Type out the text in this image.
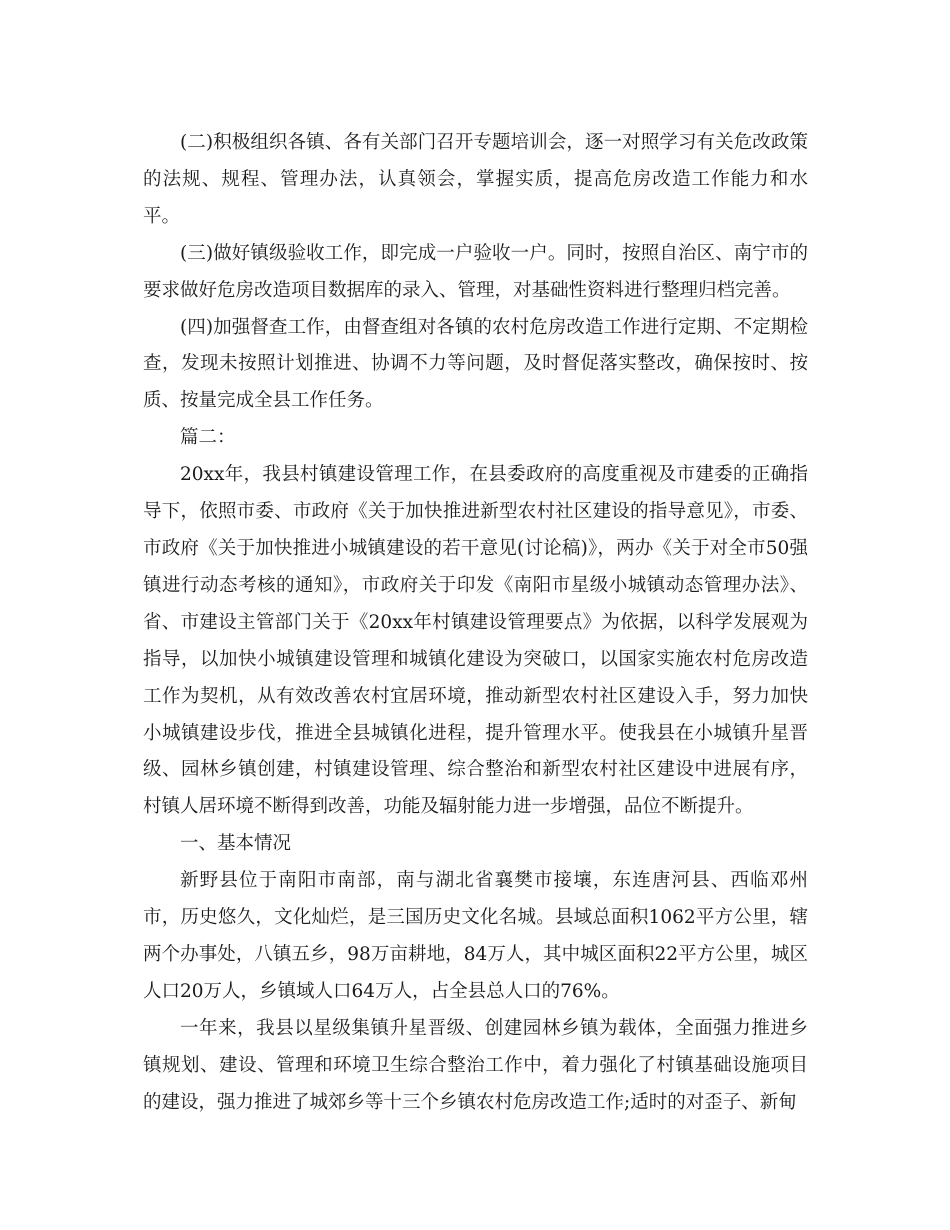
(二)积极组织各镇、各有关部门召开专题培训会，逐一对照学习有关危改政策的法规、规程、管理办法，认真领会，掌握实质，提高危房改造工作能力和水平。

(三)做好镇级验收工作，即完成一户验收一户。同时，按照自治区、南宁市的要求做好危房改造项目数据库的录入、管理，对基础性资料进行整理归档完善。

(四)加强督查工作，由督查组对各镇的农村危房改造工作进行定期、不定期检查，发现未按照计划推进、协调不力等问题，及时督促落实整改，确保按时、按质、按量完成全县工作任务。

篇二：

20xx年，我县村镇建设管理工作，在县委政府的高度重视及市建委的正确指导下，依照市委、市政府《关于加快推进新型农村社区建设的指导意见》，市委、市政府《关于加快推进小城镇建设的若干意见(讨论稿)》，两办《关于对全市50强镇进行动态考核的通知》，市政府关于印发《南阳市星级小城镇动态管理办法》、省、市建设主管部门关于《20xx年村镇建设管理要点》为依据，以科学发展观为指导，以加快小城镇建设管理和城镇化建设为突破口，以国家实施农村危房改造工作为契机，从有效改善农村宜居环境，推动新型农村社区建设入手，努力加快小城镇建设步伐，推进全县城镇化进程，提升管理水平。使我县在小城镇升星晋级、园林乡镇创建，村镇建设管理、综合整治和新型农村社区建设中进展有序，村镇人居环境不断得到改善，功能及辐射能力进一步增强，品位不断提升。

一、基本情况

新野县位于南阳市南部，南与湖北省襄樊市接壤，东连唐河县、西临邓州市，历史悠久，文化灿烂，是三国历史文化名城。县域总面积1062平方公里，辖两个办事处，八镇五乡，98万亩耕地，84万人，其中城区面积22平方公里，城区人口20万人，乡镇域人口64万人，占全县总人口的76%。

一年来，我县以星级集镇升星晋级、创建园林乡镇为载体，全面强力推进乡镇规划、建设、管理和环境卫生综合整治工作中，着力强化了村镇基础设施项目的建设，强力推进了城郊乡等十三个乡镇农村危房改造工作;适时的对歪子、新甸
